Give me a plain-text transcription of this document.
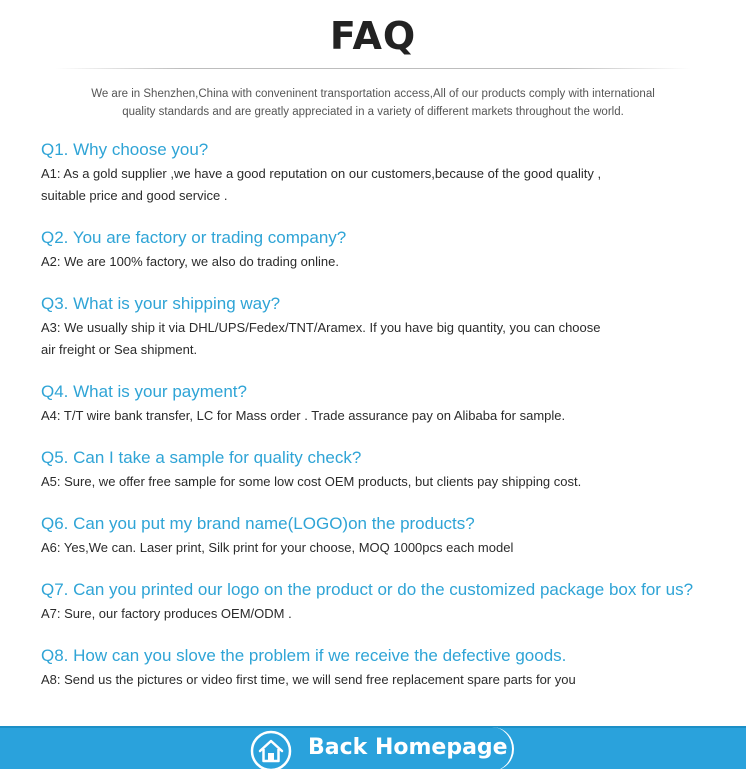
FAQ
We are in Shenzhen,China with conveninent transportation access,All of our products comply with international
quality standards and are greatly appreciated in a variety of different markets throughout the world.
Q1. Why choose you?
A1: As a gold supplier ,we have a good reputation on our customers,because of the good quality ,
suitable price and good service .
Q2. You are factory or trading company?
A2: We are 100% factory, we also do trading online.
Q3. What is your shipping way?
A3: We usually ship it via DHL/UPS/Fedex/TNT/Aramex. If you have big quantity, you can choose
air freight or Sea shipment.
Q4. What is your payment?
A4: T/T wire bank transfer, LC for Mass order . Trade assurance pay on Alibaba for sample.
Q5. Can I take a sample for quality check?
A5: Sure, we offer free sample for some low cost OEM products, but clients pay shipping cost.
Q6. Can you put my brand name(LOGO)on the products?
A6: Yes,We can. Laser print, Silk print for your choose, MOQ 1000pcs each model
Q7. Can you printed our logo on the product or do the customized package box for us?
A7: Sure, our factory produces OEM/ODM .
Q8. How can you slove the problem if we receive the defective goods.
A8: Send us the pictures or video first time, we will send free replacement spare parts for you
Back Homepage
